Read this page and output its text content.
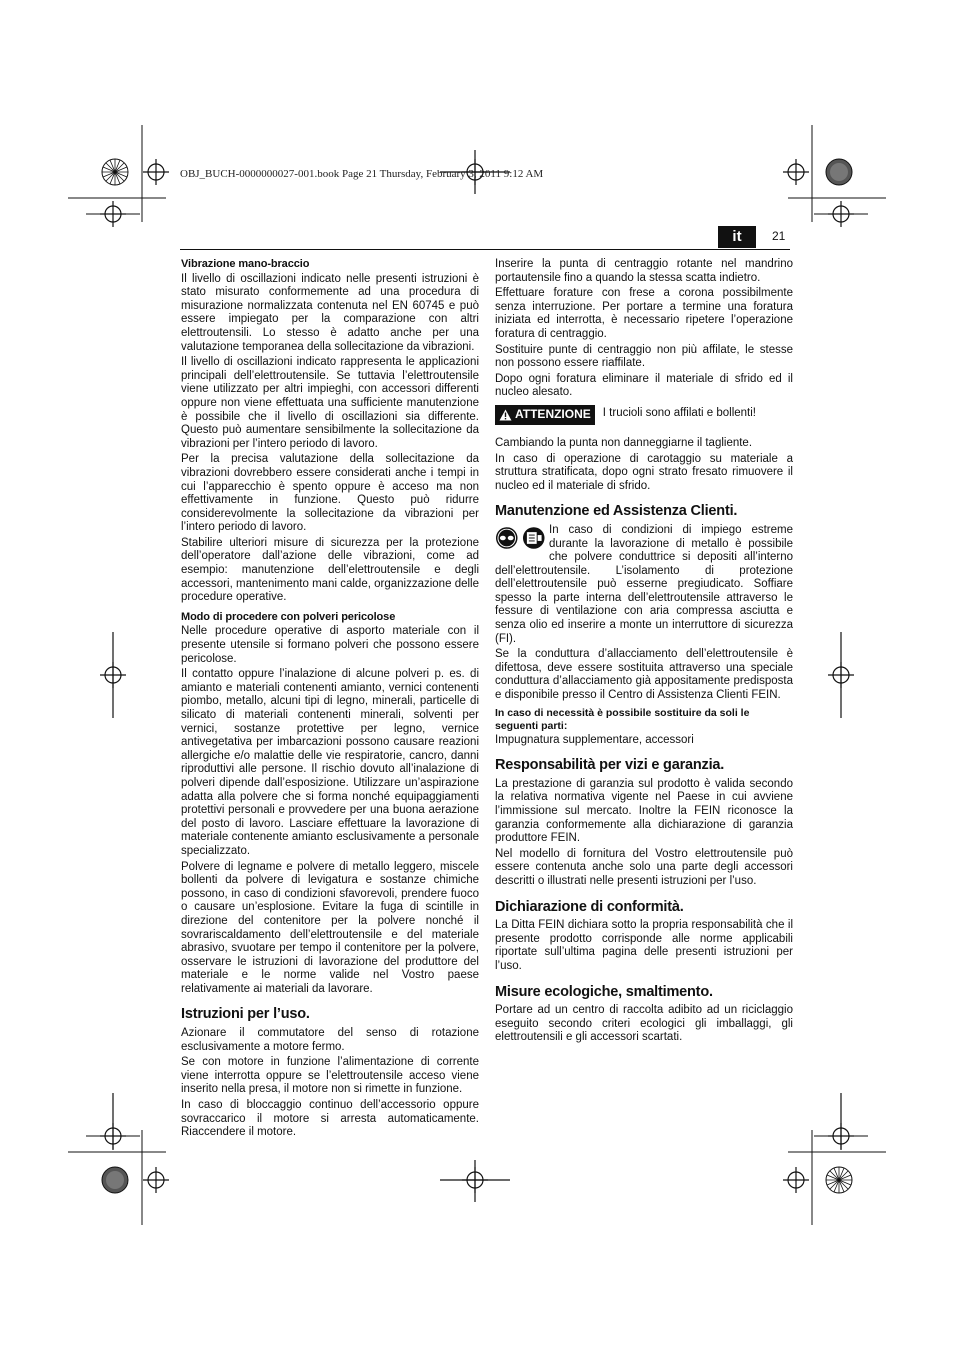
OBJ_BUCH-0000000027-001.book Page 21 Thursday, February 3, 2011 9:12 AM
it	21
Vibrazione mano-braccio

Il livello di oscillazioni indicato nelle presenti istruzioni è stato misurato conformemente ad una procedura di misurazione normalizzata contenuta nel EN 60745 e può essere impiegato per la comparazione con altri elettroutensili. Lo stesso è adatto anche per una valutazione temporanea della sollecitazione da vibrazioni.

Il livello di oscillazioni indicato rappresenta le applicazioni principali dell’elettroutensile. Se tuttavia l’elettroutensile viene utilizzato per altri impieghi, con accessori differenti oppure non viene effettuata una sufficiente manutenzione è possibile che il livello di oscillazioni sia differente. Questo può aumentare sensibilmente la sollecitazione da vibrazioni per l’intero periodo di lavoro.

Per la precisa valutazione della sollecitazione da vibrazioni dovrebbero essere considerati anche i tempi in cui l’apparecchio è spento oppure è acceso ma non effettivamente in funzione. Questo può ridurre considerevolmente la sollecitazione da vibrazioni per l’intero periodo di lavoro.

Stabilire ulteriori misure di sicurezza per la protezione dell’operatore dall’azione delle vibrazioni, come ad esempio: manutenzione dell’elettroutensile e degli accessori, mantenimento mani calde, organizzazione delle procedure operative.

Modo di procedere con polveri pericolose

Nelle procedure operative di asporto materiale con il presente utensile si formano polveri che possono essere pericolose.

Il contatto oppure l’inalazione di alcune polveri p. es. di amianto e materiali contenenti amianto, vernici contenenti piombo, metallo, alcuni tipi di legno, minerali, particelle di silicato di materiali contenenti minerali, solventi per vernici, sostanze protettive per legno, vernice antivegetativa per imbarcazioni possono causare reazioni allergiche e/o malattie delle vie respiratorie, cancro, danni riproduttivi alle persone. Il rischio dovuto all’inalazione di polveri dipende dall’esposizione. Utilizzare un’aspirazione adatta alla polvere che si forma nonché equipaggiamenti protettivi personali e provvedere per una buona aerazione del posto di lavoro. Lasciare effettuare la lavorazione di materiale contenente amianto esclusivamente a personale specializzato.

Polvere di legname e polvere di metallo leggero, miscele bollenti da polvere di levigatura e sostanze chimiche possono, in caso di condizioni sfavorevoli, prendere fuoco o causare un’esplosione. Evitare la fuga di scintille in direzione del contenitore per la polvere nonché il sovrariscaldamento dell’elettroutensile e del materiale abrasivo, svuotare per tempo il contenitore per la polvere, osservare le istruzioni di lavorazione del produttore del materiale e le norme valide nel Vostro paese relativamente ai materiali da lavorare.

Istruzioni per l’uso.

Azionare il commutatore del senso di rotazione esclusivamente a motore fermo.

Se con motore in funzione l’alimentazione di corrente viene interrotta oppure se l’elettroutensile acceso viene inserito nella presa, il motore non si rimette in funzione.

In caso di bloccaggio continuo dell’accessorio oppure sovraccarico il motore si arresta automaticamente. Riaccendere il motore.

Inserire la punta di centraggio rotante nel mandrino portautensile fino a quando la stessa scatta indietro.

Effettuare forature con frese a corona possibilmente senza interruzione. Per portare a termine una foratura iniziata ed interrotta, è necessario ripetere l’operazione foratura di centraggio.

Sostituire punte di centraggio non più affilate, le stesse non possono essere riaffilate.

Dopo ogni foratura eliminare il materiale di sfrido ed il nucleo alesato.

ATTENZIONE I trucioli sono affilati e bollenti!

Cambiando la punta non danneggiarne il tagliente.

In caso di operazione di carotaggio su materiale a struttura stratificata, dopo ogni strato fresato rimuovere il nucleo ed il materiale di sfrido.

Manutenzione ed Assistenza Clienti.

In caso di condizioni di impiego estreme durante la lavorazione di metallo è possibile che polvere conduttrice si depositi all’interno dell’elettroutensile. L’isolamento di protezione dell’elettroutensile può esserne pregiudicato. Soffiare spesso la parte interna dell’elettroutensile attraverso le fessure di ventilazione con aria compressa asciutta e senza olio ed inserire a monte un interruttore di sicurezza (FI).

Se la conduttura d’allacciamento dell’elettroutensile è difettosa, deve essere sostituita attraverso una speciale conduttura d’allacciamento già appositamente predisposta e disponibile presso il Centro di Assistenza Clienti FEIN.

In caso di necessità è possibile sostituire da soli le seguenti parti:

Impugnatura supplementare, accessori

Responsabilità per vizi e garanzia.

La prestazione di garanzia sul prodotto è valida secondo la relativa normativa vigente nel Paese in cui avviene l’immissione sul mercato. Inoltre la FEIN riconosce la garanzia conformemente alla dichiarazione di garanzia produttore FEIN.

Nel modello di fornitura del Vostro elettroutensile può essere contenuta anche solo una parte degli accessori descritti o illustrati nelle presenti istruzioni per l’uso.

Dichiarazione di conformità.

La Ditta FEIN dichiara sotto la propria responsabilità che il presente prodotto corrisponde alle norme applicabili riportate sull’ultima pagina delle presenti istruzioni per l’uso.

Misure ecologiche, smaltimento.

Portare ad un centro di raccolta adibito ad un riciclaggio eseguito secondo criteri ecologici gli imballaggi, gli elettroutensili e gli accessori scartati.
